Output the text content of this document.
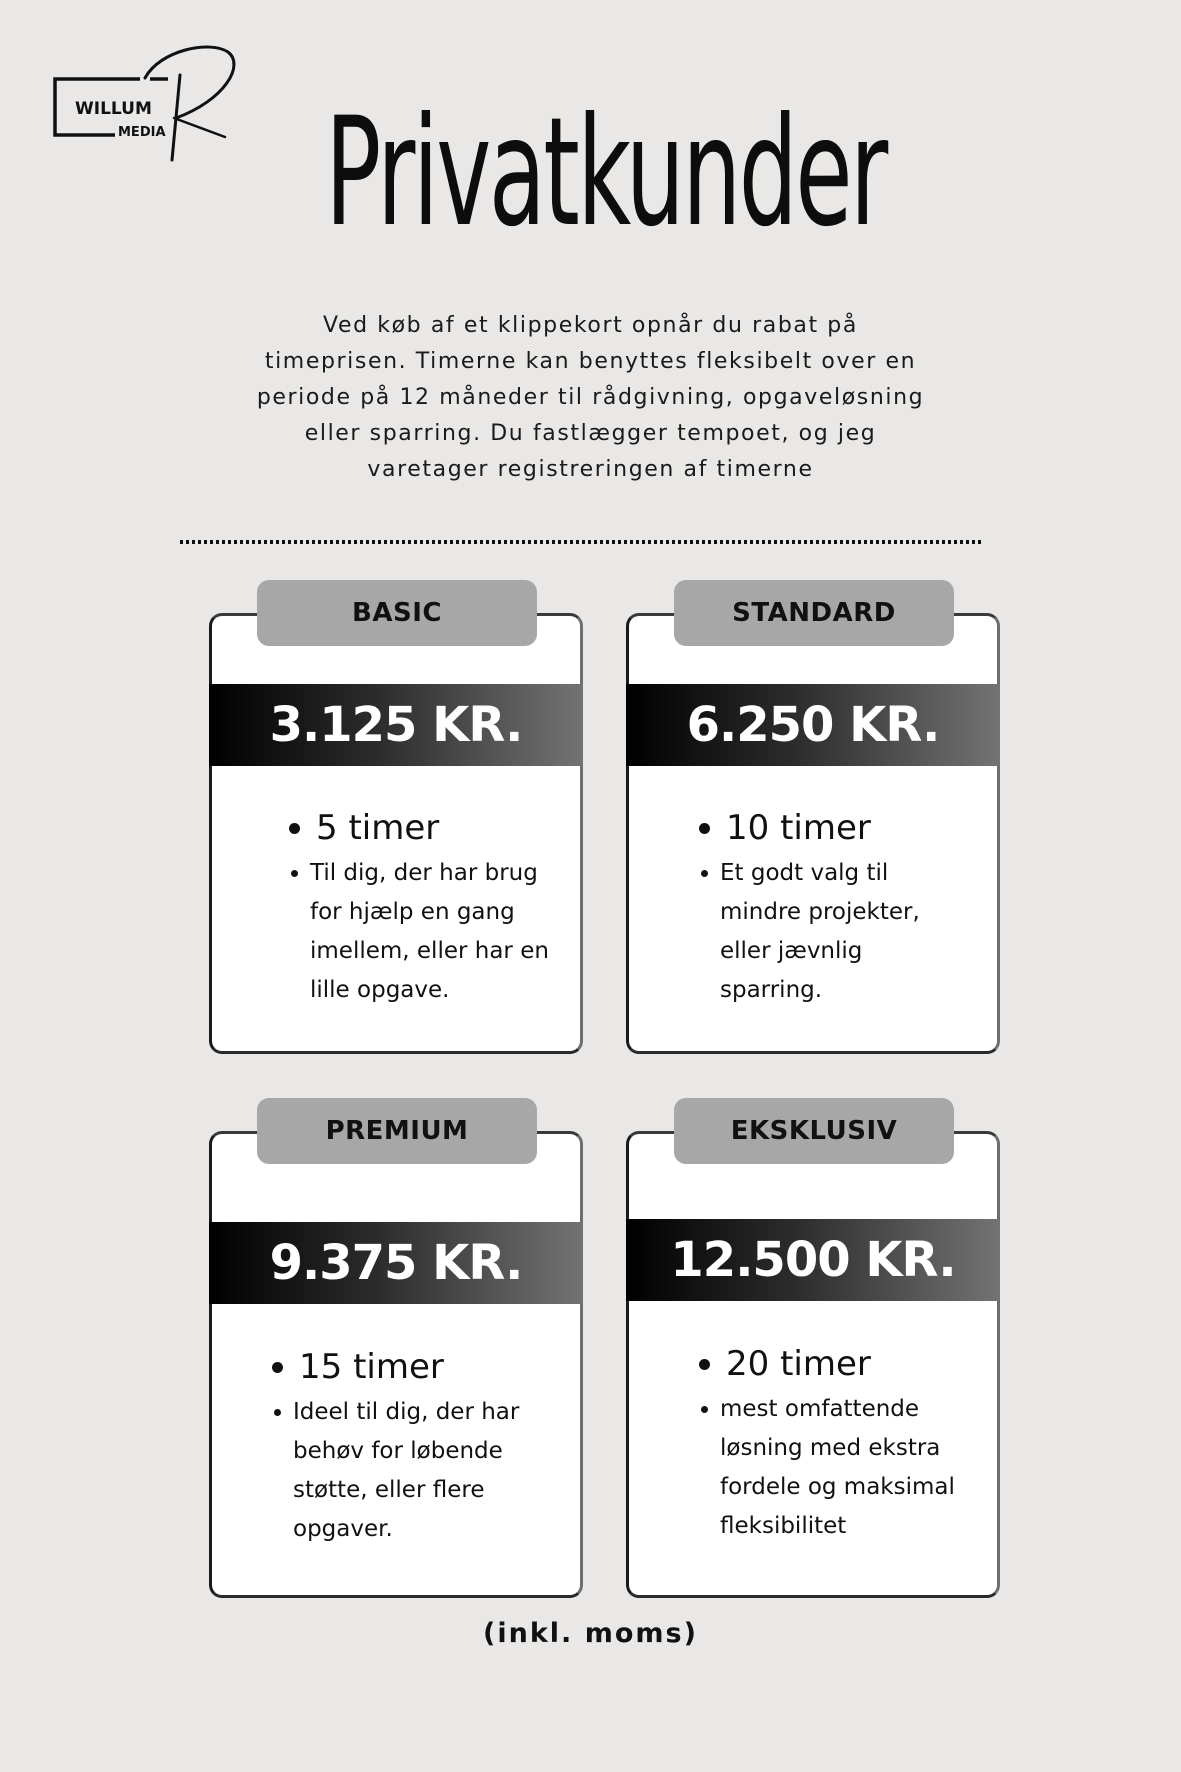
WILLUM
MEDIA	Privatkunder
Ved køb af et klippekort opnår du rabat på
timeprisen. Timerne kan benyttes fleksibelt over en
periode på 12 måneder til rådgivning, opgaveløsning
eller sparring. Du fastlægger tempoet, og jeg
varetager registreringen af timerne
BASIC
3.125 KR.
5 timer
Til dig, der har brug
for hjælp en gang
imellem, eller har en
lille opgave.
STANDARD
6.250 KR.
10 timer
Et godt valg til
mindre projekter,
eller jævnlig
sparring.
PREMIUM
9.375 KR.
15 timer
Ideel til dig, der har
behøv for løbende
støtte, eller flere
opgaver.
EKSKLUSIV
12.500 KR.
20 timer
mest omfattende
løsning med ekstra
fordele og maksimal
fleksibilitet
(inkl. moms)
